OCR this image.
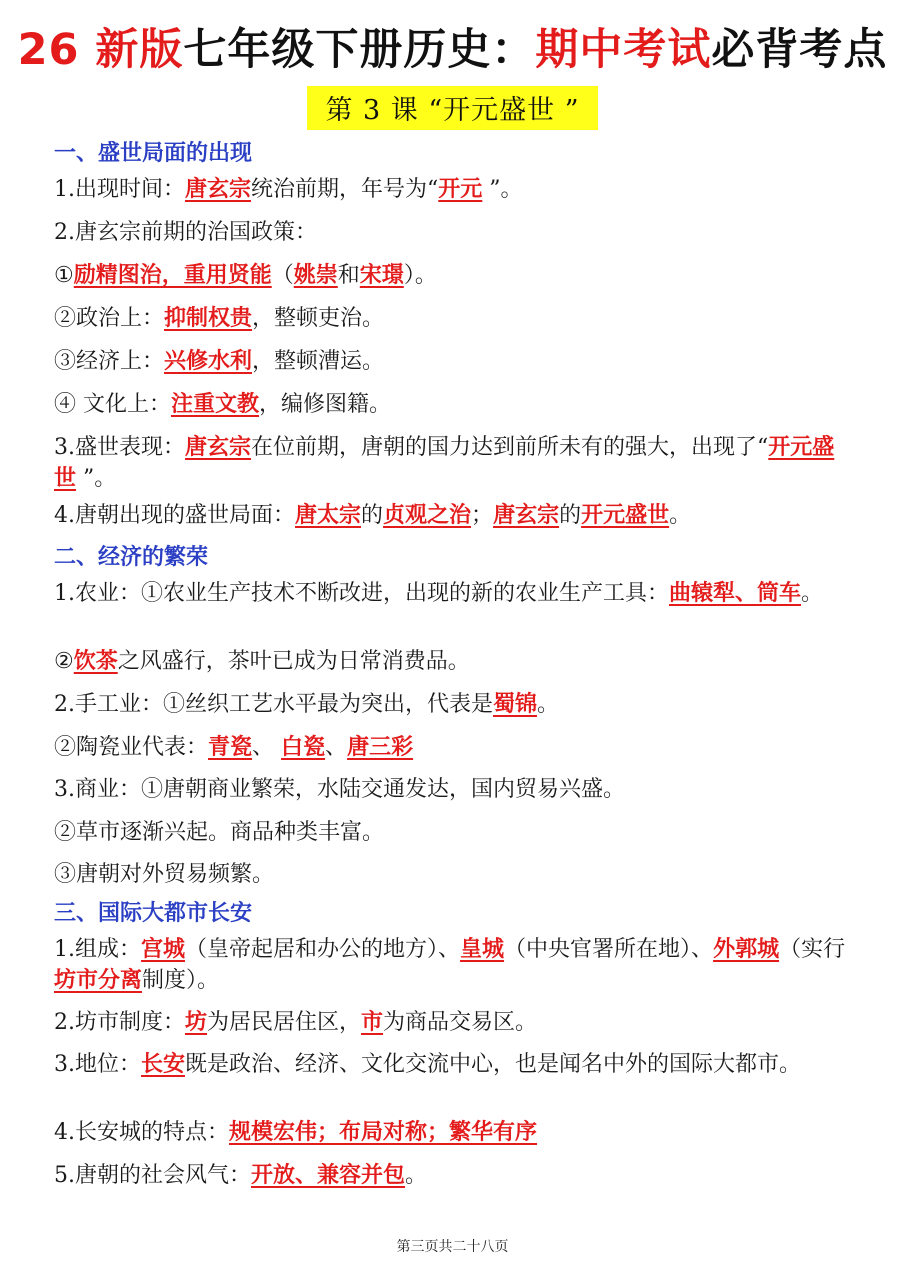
26 新版七年级下册历史：期中考试必背考点
第 3 课 “开元盛世 ”
一、盛世局面的出现
1.出现时间：唐玄宗统治前期，年号为“开元 ”。
2.唐玄宗前期的治国政策：
①励精图治，重用贤能（姚崇和宋璟）。
②政治上：抑制权贵，整顿吏治。
③经济上：兴修水利，整顿漕运。
④ 文化上：注重文教，编修图籍。
3.盛世表现：唐玄宗在位前期，唐朝的国力达到前所未有的强大，出现了“开元盛世 ”。
4.唐朝出现的盛世局面：唐太宗的贞观之治；唐玄宗的开元盛世。
二、经济的繁荣
1.农业：①农业生产技术不断改进，出现的新的农业生产工具：曲辕犁、筒车。
②饮茶之风盛行，茶叶已成为日常消费品。
2.手工业：①丝织工艺水平最为突出，代表是蜀锦。
②陶瓷业代表：青瓷、 白瓷、唐三彩
3.商业：①唐朝商业繁荣，水陆交通发达，国内贸易兴盛。
②草市逐渐兴起。商品种类丰富。
③唐朝对外贸易频繁。
三、国际大都市长安
1.组成：宫城（皇帝起居和办公的地方）、皇城（中央官署所在地）、外郭城（实行坊市分离制度）。
2.坊市制度：坊为居民居住区，市为商品交易区。
3.地位：长安既是政治、经济、文化交流中心，也是闻名中外的国际大都市。
4.长安城的特点：规模宏伟；布局对称；繁华有序
5.唐朝的社会风气：开放、兼容并包。
第三页共二十八页
